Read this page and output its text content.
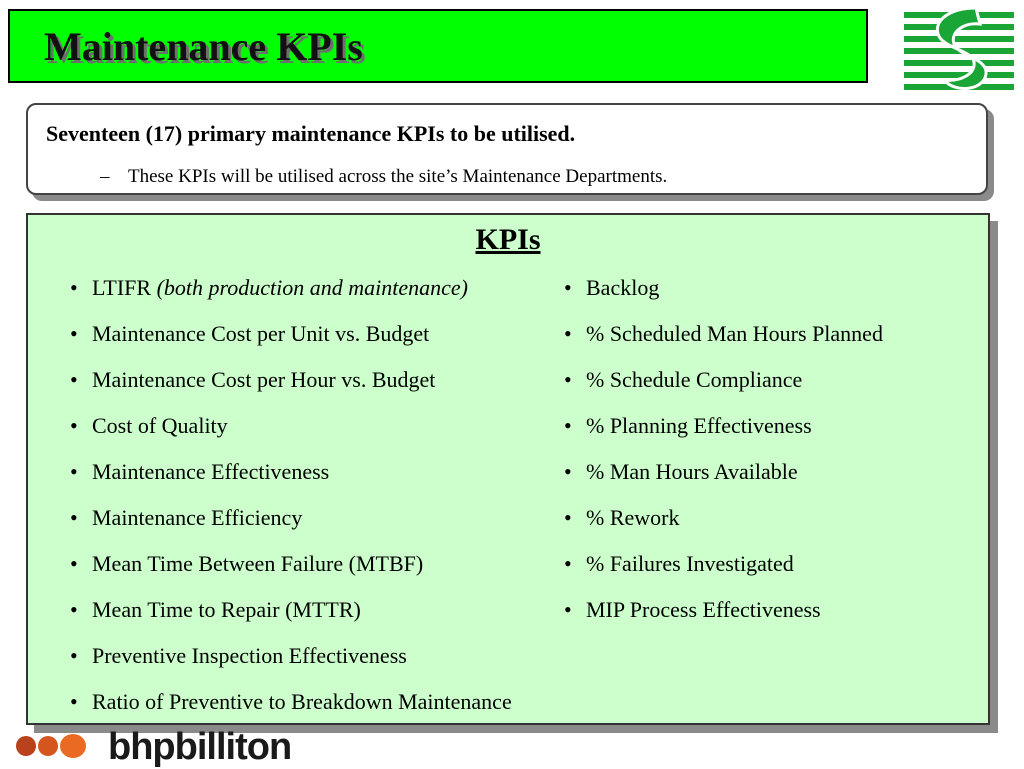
Maintenance KPIs
Seventeen (17) primary maintenance KPIs to be utilised.
– These KPIs will be utilised across the site’s Maintenance Departments.
KPIs
• LTIFR (both production and maintenance)
• Maintenance Cost per Unit vs. Budget
• Maintenance Cost per Hour vs. Budget
• Cost of Quality
• Maintenance Effectiveness
• Maintenance Efficiency
• Mean Time Between Failure (MTBF)
• Mean Time to Repair (MTTR)
• Preventive Inspection Effectiveness
• Ratio of Preventive to Breakdown Maintenance
• Backlog
• % Scheduled Man Hours Planned
• % Schedule Compliance
• % Planning Effectiveness
• % Man Hours Available
• % Rework
• % Failures Investigated
• MIP Process Effectiveness
bhpbilliton
